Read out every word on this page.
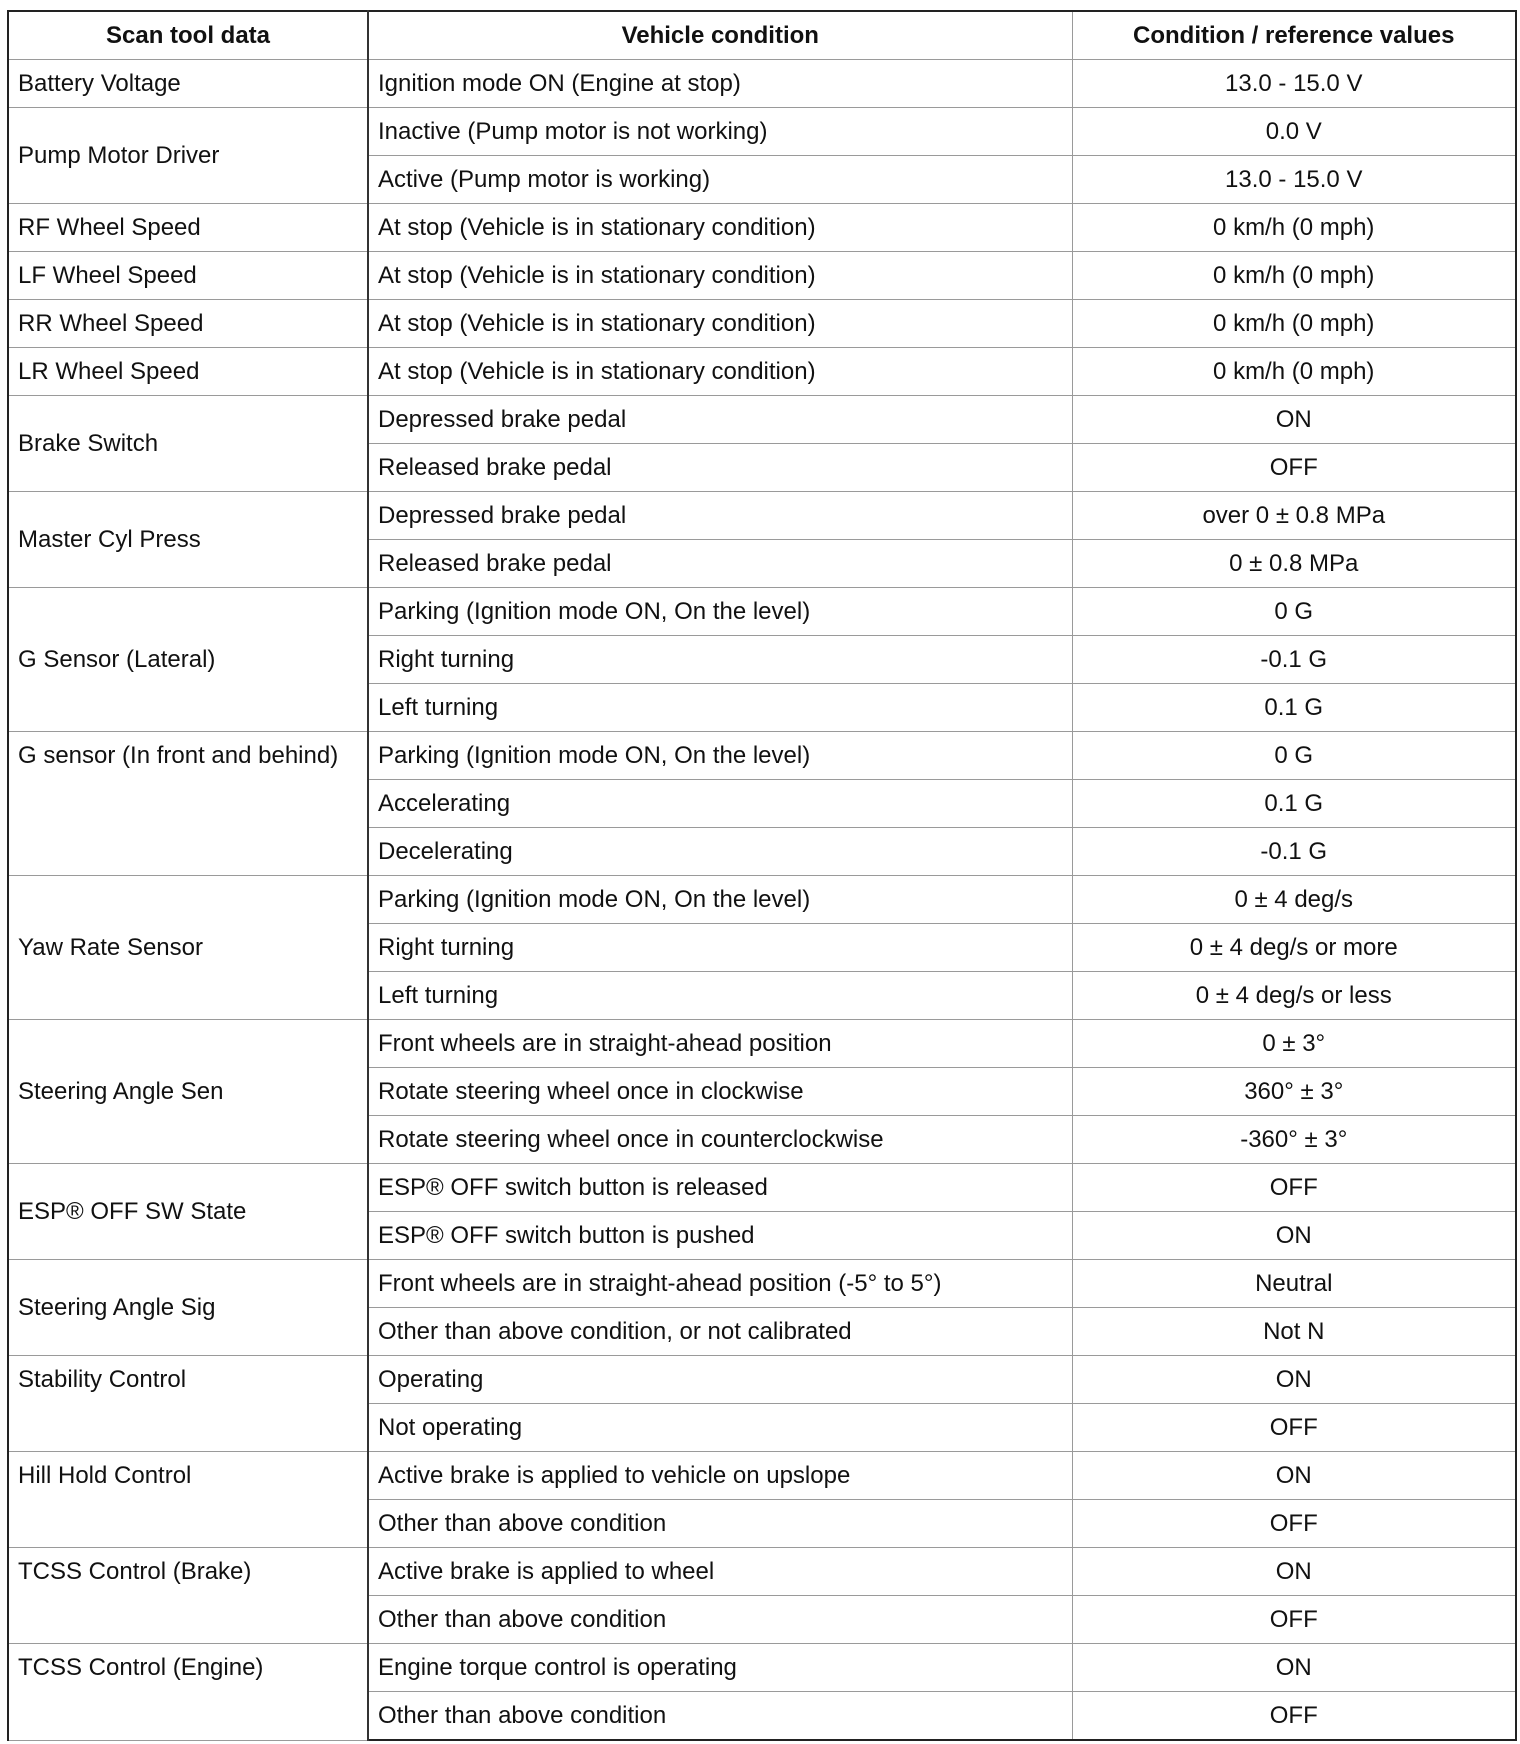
Scan tool data	Vehicle condition	Condition / reference values
Battery Voltage	Ignition mode ON (Engine at stop)	13.0 - 15.0 V
Pump Motor Driver	Inactive (Pump motor is not working)	0.0 V
	Active (Pump motor is working)	13.0 - 15.0 V
RF Wheel Speed	At stop (Vehicle is in stationary condition)	0 km/h (0 mph)
LF Wheel Speed	At stop (Vehicle is in stationary condition)	0 km/h (0 mph)
RR Wheel Speed	At stop (Vehicle is in stationary condition)	0 km/h (0 mph)
LR Wheel Speed	At stop (Vehicle is in stationary condition)	0 km/h (0 mph)
Brake Switch	Depressed brake pedal	ON
	Released brake pedal	OFF
Master Cyl Press	Depressed brake pedal	over 0 ± 0.8 MPa
	Released brake pedal	0 ± 0.8 MPa
G Sensor (Lateral)	Parking (Ignition mode ON, On the level)	0 G
	Right turning	-0.1 G
	Left turning	0.1 G
G sensor (In front and behind)	Parking (Ignition mode ON, On the level)	0 G
	Accelerating	0.1 G
	Decelerating	-0.1 G
Yaw Rate Sensor	Parking (Ignition mode ON, On the level)	0 ± 4 deg/s
	Right turning	0 ± 4 deg/s or more
	Left turning	0 ± 4 deg/s or less
Steering Angle Sen	Front wheels are in straight-ahead position	0 ± 3°
	Rotate steering wheel once in clockwise	360° ± 3°
	Rotate steering wheel once in counterclockwise	-360° ± 3°
ESP® OFF SW State	ESP® OFF switch button is released	OFF
	ESP® OFF switch button is pushed	ON
Steering Angle Sig	Front wheels are in straight-ahead position (-5° to 5°)	Neutral
	Other than above condition, or not calibrated	Not N
Stability Control	Operating	ON
	Not operating	OFF
Hill Hold Control	Active brake is applied to vehicle on upslope	ON
	Other than above condition	OFF
TCSS Control (Brake)	Active brake is applied to wheel	ON
	Other than above condition	OFF
TCSS Control (Engine)	Engine torque control is operating	ON
	Other than above condition	OFF
